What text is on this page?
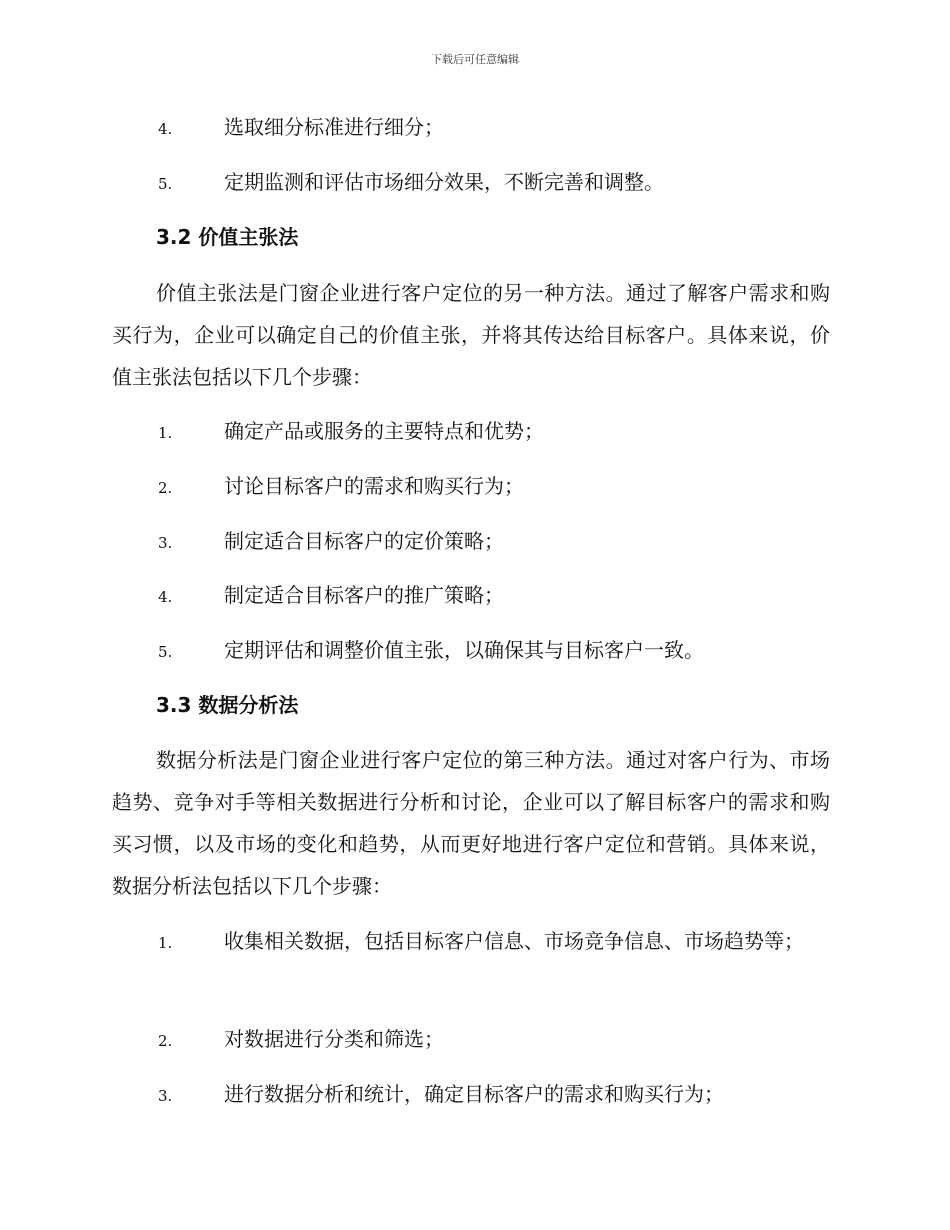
下载后可任意编辑
4.	选取细分标准进行细分；
5.	定期监测和评估市场细分效果，不断完善和调整。
3.2 价值主张法
价值主张法是门窗企业进行客户定位的另一种方法。通过了解客户需求和购买行为，企业可以确定自己的价值主张，并将其传达给目标客户。具体来说，价值主张法包括以下几个步骤：
1.	确定产品或服务的主要特点和优势；
2.	讨论目标客户的需求和购买行为；
3.	制定适合目标客户的定价策略；
4.	制定适合目标客户的推广策略；
5.	定期评估和调整价值主张，以确保其与目标客户一致。
3.3 数据分析法
数据分析法是门窗企业进行客户定位的第三种方法。通过对客户行为、市场趋势、竞争对手等相关数据进行分析和讨论，企业可以了解目标客户的需求和购买习惯，以及市场的变化和趋势，从而更好地进行客户定位和营销。具体来说，数据分析法包括以下几个步骤：
1.	收集相关数据，包括目标客户信息、市场竞争信息、市场趋势等；
2.	对数据进行分类和筛选；
3.	进行数据分析和统计，确定目标客户的需求和购买行为；
